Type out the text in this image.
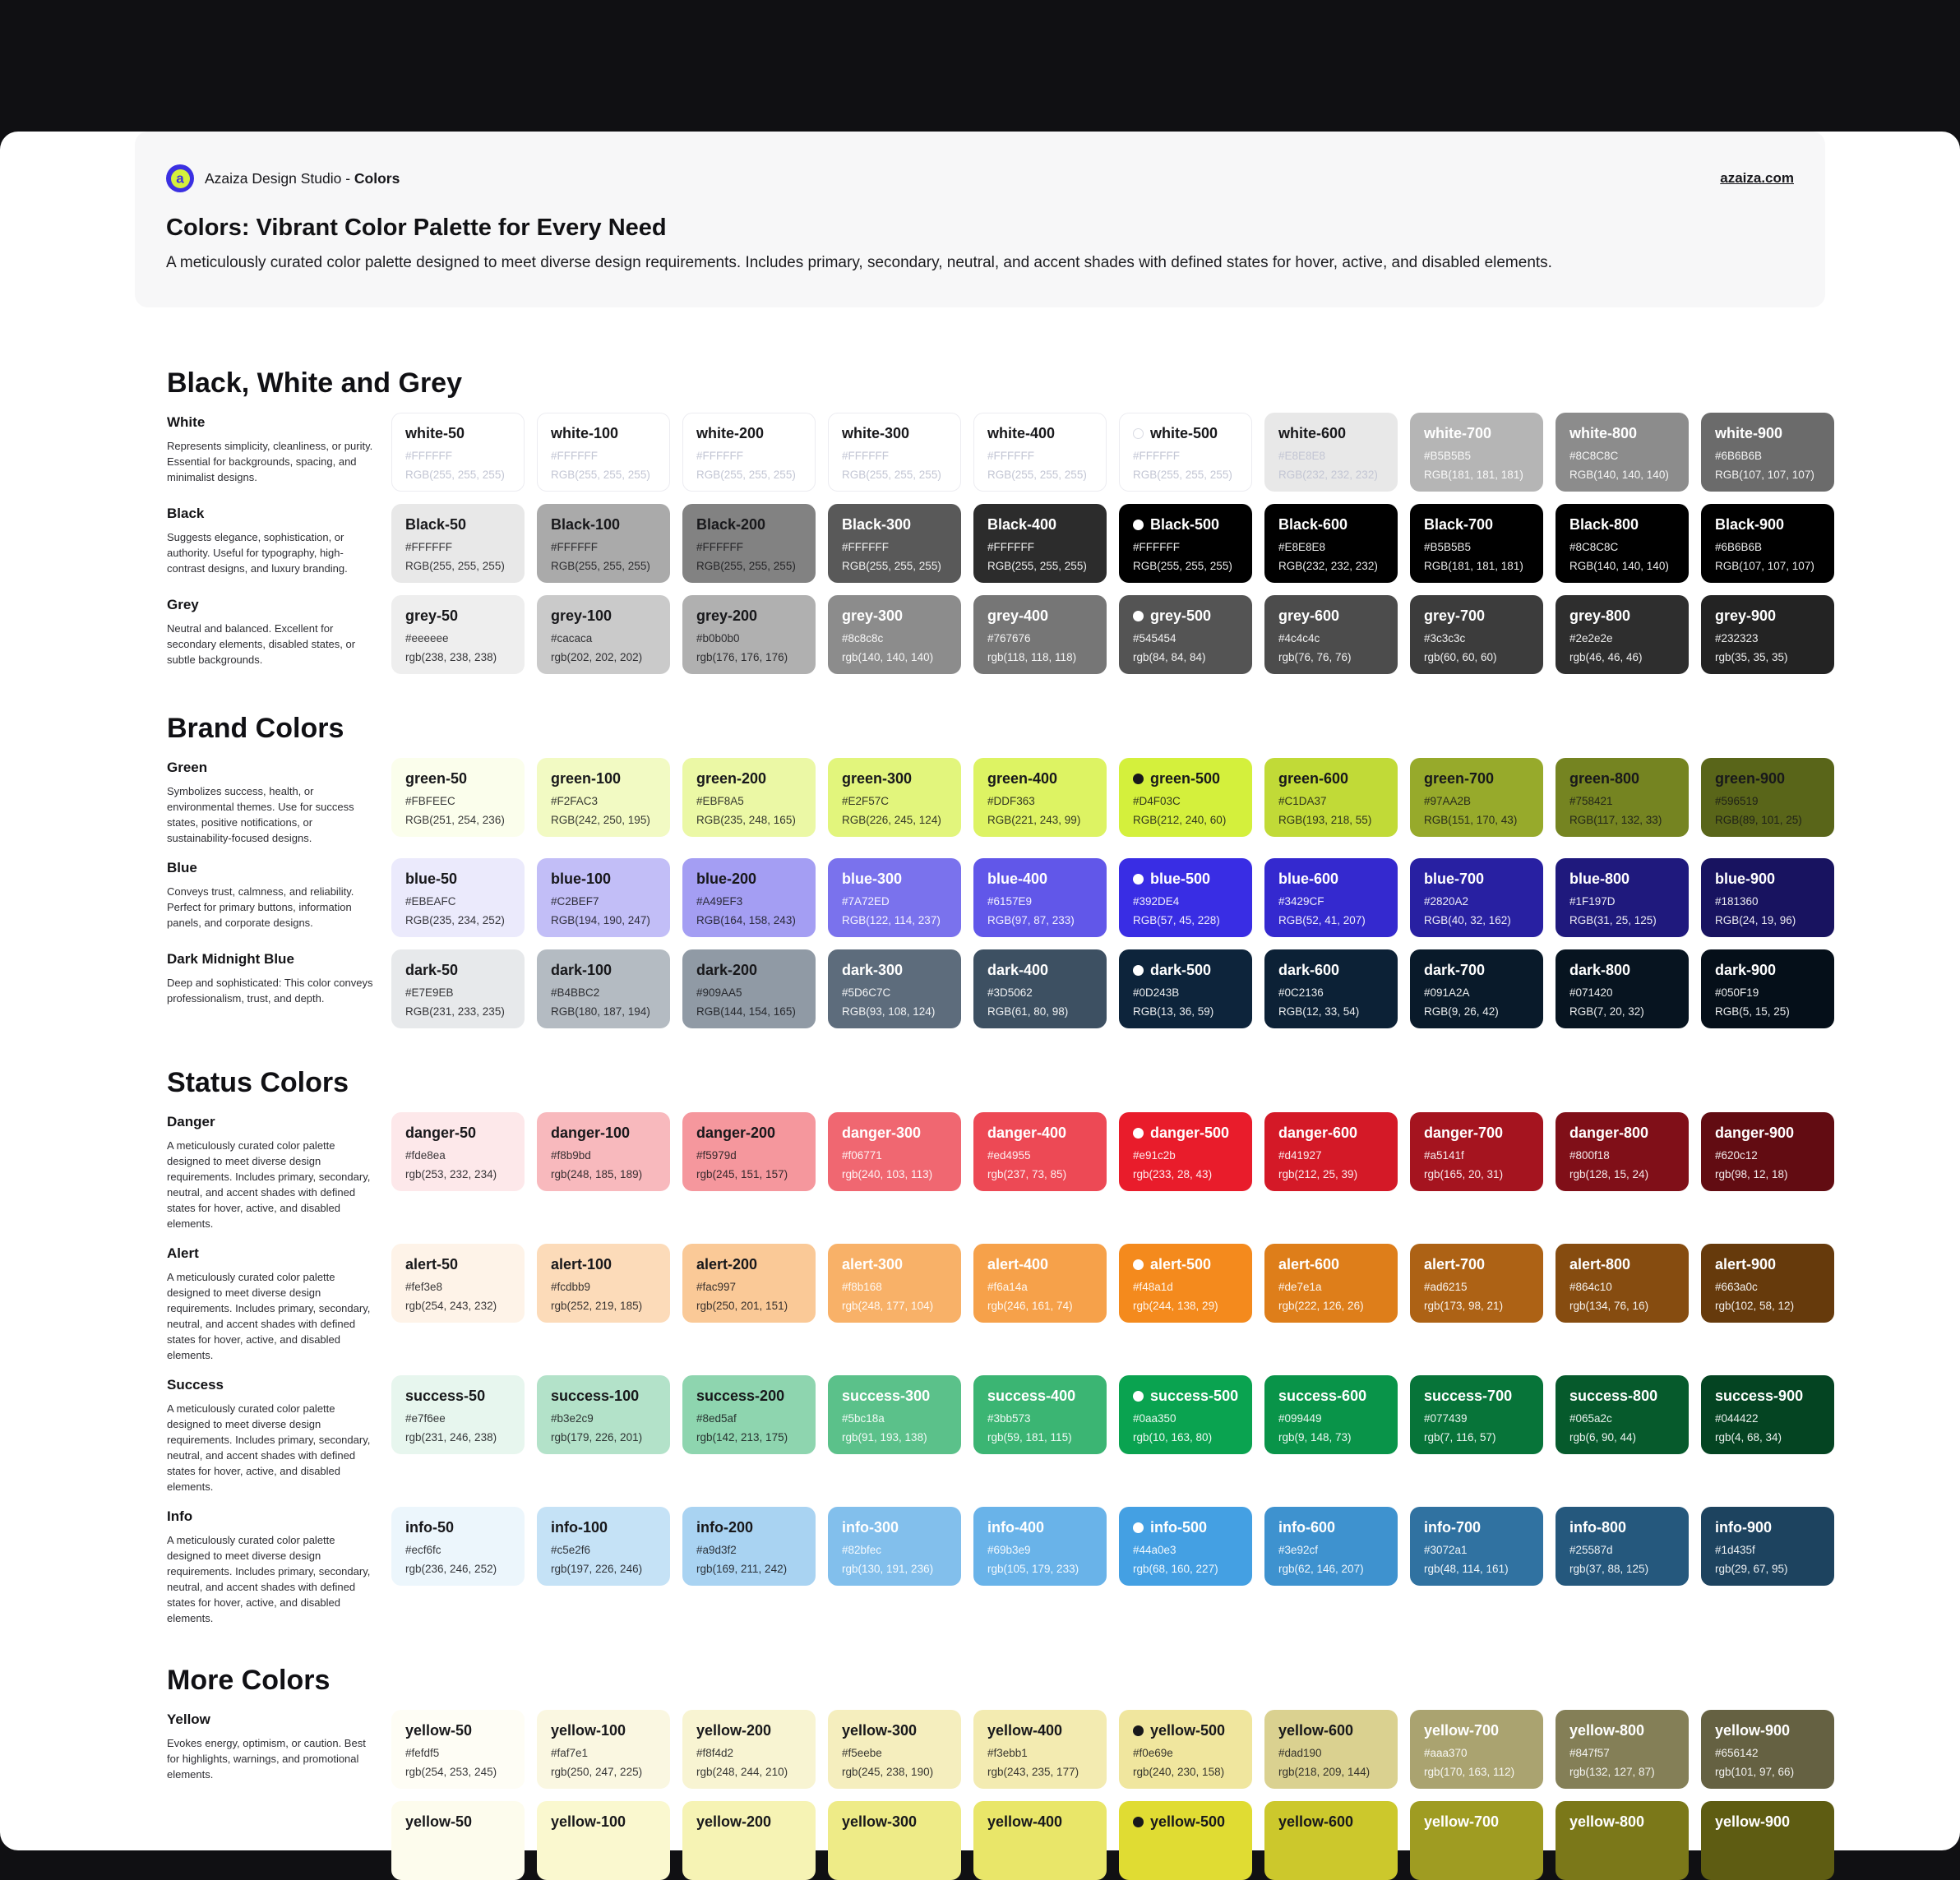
a Azaiza Design Studio - Colors	azaiza.com
Colors: Vibrant Color Palette for Every Need

A meticulously curated color palette designed to meet diverse design requirements. Includes primary, secondary, neutral, and accent shades with defined states for hover, active, and disabled elements.

Black, White and Grey
White

Represents simplicity, cleanliness, or purity. Essential for backgrounds, spacing, and minimalist designs.

white-50
#FFFFFF
RGB(255, 255, 255)
white-100
#FFFFFF
RGB(255, 255, 255)
white-200
#FFFFFF
RGB(255, 255, 255)
white-300
#FFFFFF
RGB(255, 255, 255)
white-400
#FFFFFF
RGB(255, 255, 255)
white-500
#FFFFFF
RGB(255, 255, 255)
white-600
#E8E8E8
RGB(232, 232, 232)
white-700
#B5B5B5
RGB(181, 181, 181)
white-800
#8C8C8C
RGB(140, 140, 140)
white-900
#6B6B6B
RGB(107, 107, 107)
Black

Suggests elegance, sophistication, or authority. Useful for typography, high-contrast designs, and luxury branding.

Black-50
#FFFFFF
RGB(255, 255, 255)
Black-100
#FFFFFF
RGB(255, 255, 255)
Black-200
#FFFFFF
RGB(255, 255, 255)
Black-300
#FFFFFF
RGB(255, 255, 255)
Black-400
#FFFFFF
RGB(255, 255, 255)
Black-500
#FFFFFF
RGB(255, 255, 255)
Black-600
#E8E8E8
RGB(232, 232, 232)
Black-700
#B5B5B5
RGB(181, 181, 181)
Black-800
#8C8C8C
RGB(140, 140, 140)
Black-900
#6B6B6B
RGB(107, 107, 107)
Grey

Neutral and balanced. Excellent for secondary elements, disabled states, or subtle backgrounds.

grey-50
#eeeeee
rgb(238, 238, 238)
grey-100
#cacaca
rgb(202, 202, 202)
grey-200
#b0b0b0
rgb(176, 176, 176)
grey-300
#8c8c8c
rgb(140, 140, 140)
grey-400
#767676
rgb(118, 118, 118)
grey-500
#545454
rgb(84, 84, 84)
grey-600
#4c4c4c
rgb(76, 76, 76)
grey-700
#3c3c3c
rgb(60, 60, 60)
grey-800
#2e2e2e
rgb(46, 46, 46)
grey-900
#232323
rgb(35, 35, 35)
Brand Colors
Green

Symbolizes success, health, or environmental themes. Use for success states, positive notifications, or sustainability-focused designs.

green-50
#FBFEEC
RGB(251, 254, 236)
green-100
#F2FAC3
RGB(242, 250, 195)
green-200
#EBF8A5
RGB(235, 248, 165)
green-300
#E2F57C
RGB(226, 245, 124)
green-400
#DDF363
RGB(221, 243, 99)
green-500
#D4F03C
RGB(212, 240, 60)
green-600
#C1DA37
RGB(193, 218, 55)
green-700
#97AA2B
RGB(151, 170, 43)
green-800
#758421
RGB(117, 132, 33)
green-900
#596519
RGB(89, 101, 25)
Blue

Conveys trust, calmness, and reliability. Perfect for primary buttons, information panels, and corporate designs.

blue-50
#EBEAFC
RGB(235, 234, 252)
blue-100
#C2BEF7
RGB(194, 190, 247)
blue-200
#A49EF3
RGB(164, 158, 243)
blue-300
#7A72ED
RGB(122, 114, 237)
blue-400
#6157E9
RGB(97, 87, 233)
blue-500
#392DE4
RGB(57, 45, 228)
blue-600
#3429CF
RGB(52, 41, 207)
blue-700
#2820A2
RGB(40, 32, 162)
blue-800
#1F197D
RGB(31, 25, 125)
blue-900
#181360
RGB(24, 19, 96)
Dark Midnight Blue

Deep and sophisticated: This color conveys professionalism, trust, and depth.

dark-50
#E7E9EB
RGB(231, 233, 235)
dark-100
#B4BBC2
RGB(180, 187, 194)
dark-200
#909AA5
RGB(144, 154, 165)
dark-300
#5D6C7C
RGB(93, 108, 124)
dark-400
#3D5062
RGB(61, 80, 98)
dark-500
#0D243B
RGB(13, 36, 59)
dark-600
#0C2136
RGB(12, 33, 54)
dark-700
#091A2A
RGB(9, 26, 42)
dark-800
#071420
RGB(7, 20, 32)
dark-900
#050F19
RGB(5, 15, 25)
Status Colors
Danger

A meticulously curated color palette designed to meet diverse design requirements. Includes primary, secondary, neutral, and accent shades with defined states for hover, active, and disabled elements.

danger-50
#fde8ea
rgb(253, 232, 234)
danger-100
#f8b9bd
rgb(248, 185, 189)
danger-200
#f5979d
rgb(245, 151, 157)
danger-300
#f06771
rgb(240, 103, 113)
danger-400
#ed4955
rgb(237, 73, 85)
danger-500
#e91c2b
rgb(233, 28, 43)
danger-600
#d41927
rgb(212, 25, 39)
danger-700
#a5141f
rgb(165, 20, 31)
danger-800
#800f18
rgb(128, 15, 24)
danger-900
#620c12
rgb(98, 12, 18)
Alert

A meticulously curated color palette designed to meet diverse design requirements. Includes primary, secondary, neutral, and accent shades with defined states for hover, active, and disabled elements.

alert-50
#fef3e8
rgb(254, 243, 232)
alert-100
#fcdbb9
rgb(252, 219, 185)
alert-200
#fac997
rgb(250, 201, 151)
alert-300
#f8b168
rgb(248, 177, 104)
alert-400
#f6a14a
rgb(246, 161, 74)
alert-500
#f48a1d
rgb(244, 138, 29)
alert-600
#de7e1a
rgb(222, 126, 26)
alert-700
#ad6215
rgb(173, 98, 21)
alert-800
#864c10
rgb(134, 76, 16)
alert-900
#663a0c
rgb(102, 58, 12)
Success

A meticulously curated color palette designed to meet diverse design requirements. Includes primary, secondary, neutral, and accent shades with defined states for hover, active, and disabled elements.

success-50
#e7f6ee
rgb(231, 246, 238)
success-100
#b3e2c9
rgb(179, 226, 201)
success-200
#8ed5af
rgb(142, 213, 175)
success-300
#5bc18a
rgb(91, 193, 138)
success-400
#3bb573
rgb(59, 181, 115)
success-500
#0aa350
rgb(10, 163, 80)
success-600
#099449
rgb(9, 148, 73)
success-700
#077439
rgb(7, 116, 57)
success-800
#065a2c
rgb(6, 90, 44)
success-900
#044422
rgb(4, 68, 34)
Info

A meticulously curated color palette designed to meet diverse design requirements. Includes primary, secondary, neutral, and accent shades with defined states for hover, active, and disabled elements.

info-50
#ecf6fc
rgb(236, 246, 252)
info-100
#c5e2f6
rgb(197, 226, 246)
info-200
#a9d3f2
rgb(169, 211, 242)
info-300
#82bfec
rgb(130, 191, 236)
info-400
#69b3e9
rgb(105, 179, 233)
info-500
#44a0e3
rgb(68, 160, 227)
info-600
#3e92cf
rgb(62, 146, 207)
info-700
#3072a1
rgb(48, 114, 161)
info-800
#25587d
rgb(37, 88, 125)
info-900
#1d435f
rgb(29, 67, 95)
More Colors
Yellow

Evokes energy, optimism, or caution. Best for highlights, warnings, and promotional elements.

yellow-50
#fefdf5
rgb(254, 253, 245)
yellow-100
#faf7e1
rgb(250, 247, 225)
yellow-200
#f8f4d2
rgb(248, 244, 210)
yellow-300
#f5eebe
rgb(245, 238, 190)
yellow-400
#f3ebb1
rgb(243, 235, 177)
yellow-500
#f0e69e
rgb(240, 230, 158)
yellow-600
#dad190
rgb(218, 209, 144)
yellow-700
#aaa370
rgb(170, 163, 112)
yellow-800
#847f57
rgb(132, 127, 87)
yellow-900
#656142
rgb(101, 97, 66)
yellow-50	yellow-100	yellow-200	yellow-300	yellow-400	yellow-500	yellow-600	yellow-700	yellow-800	yellow-900
